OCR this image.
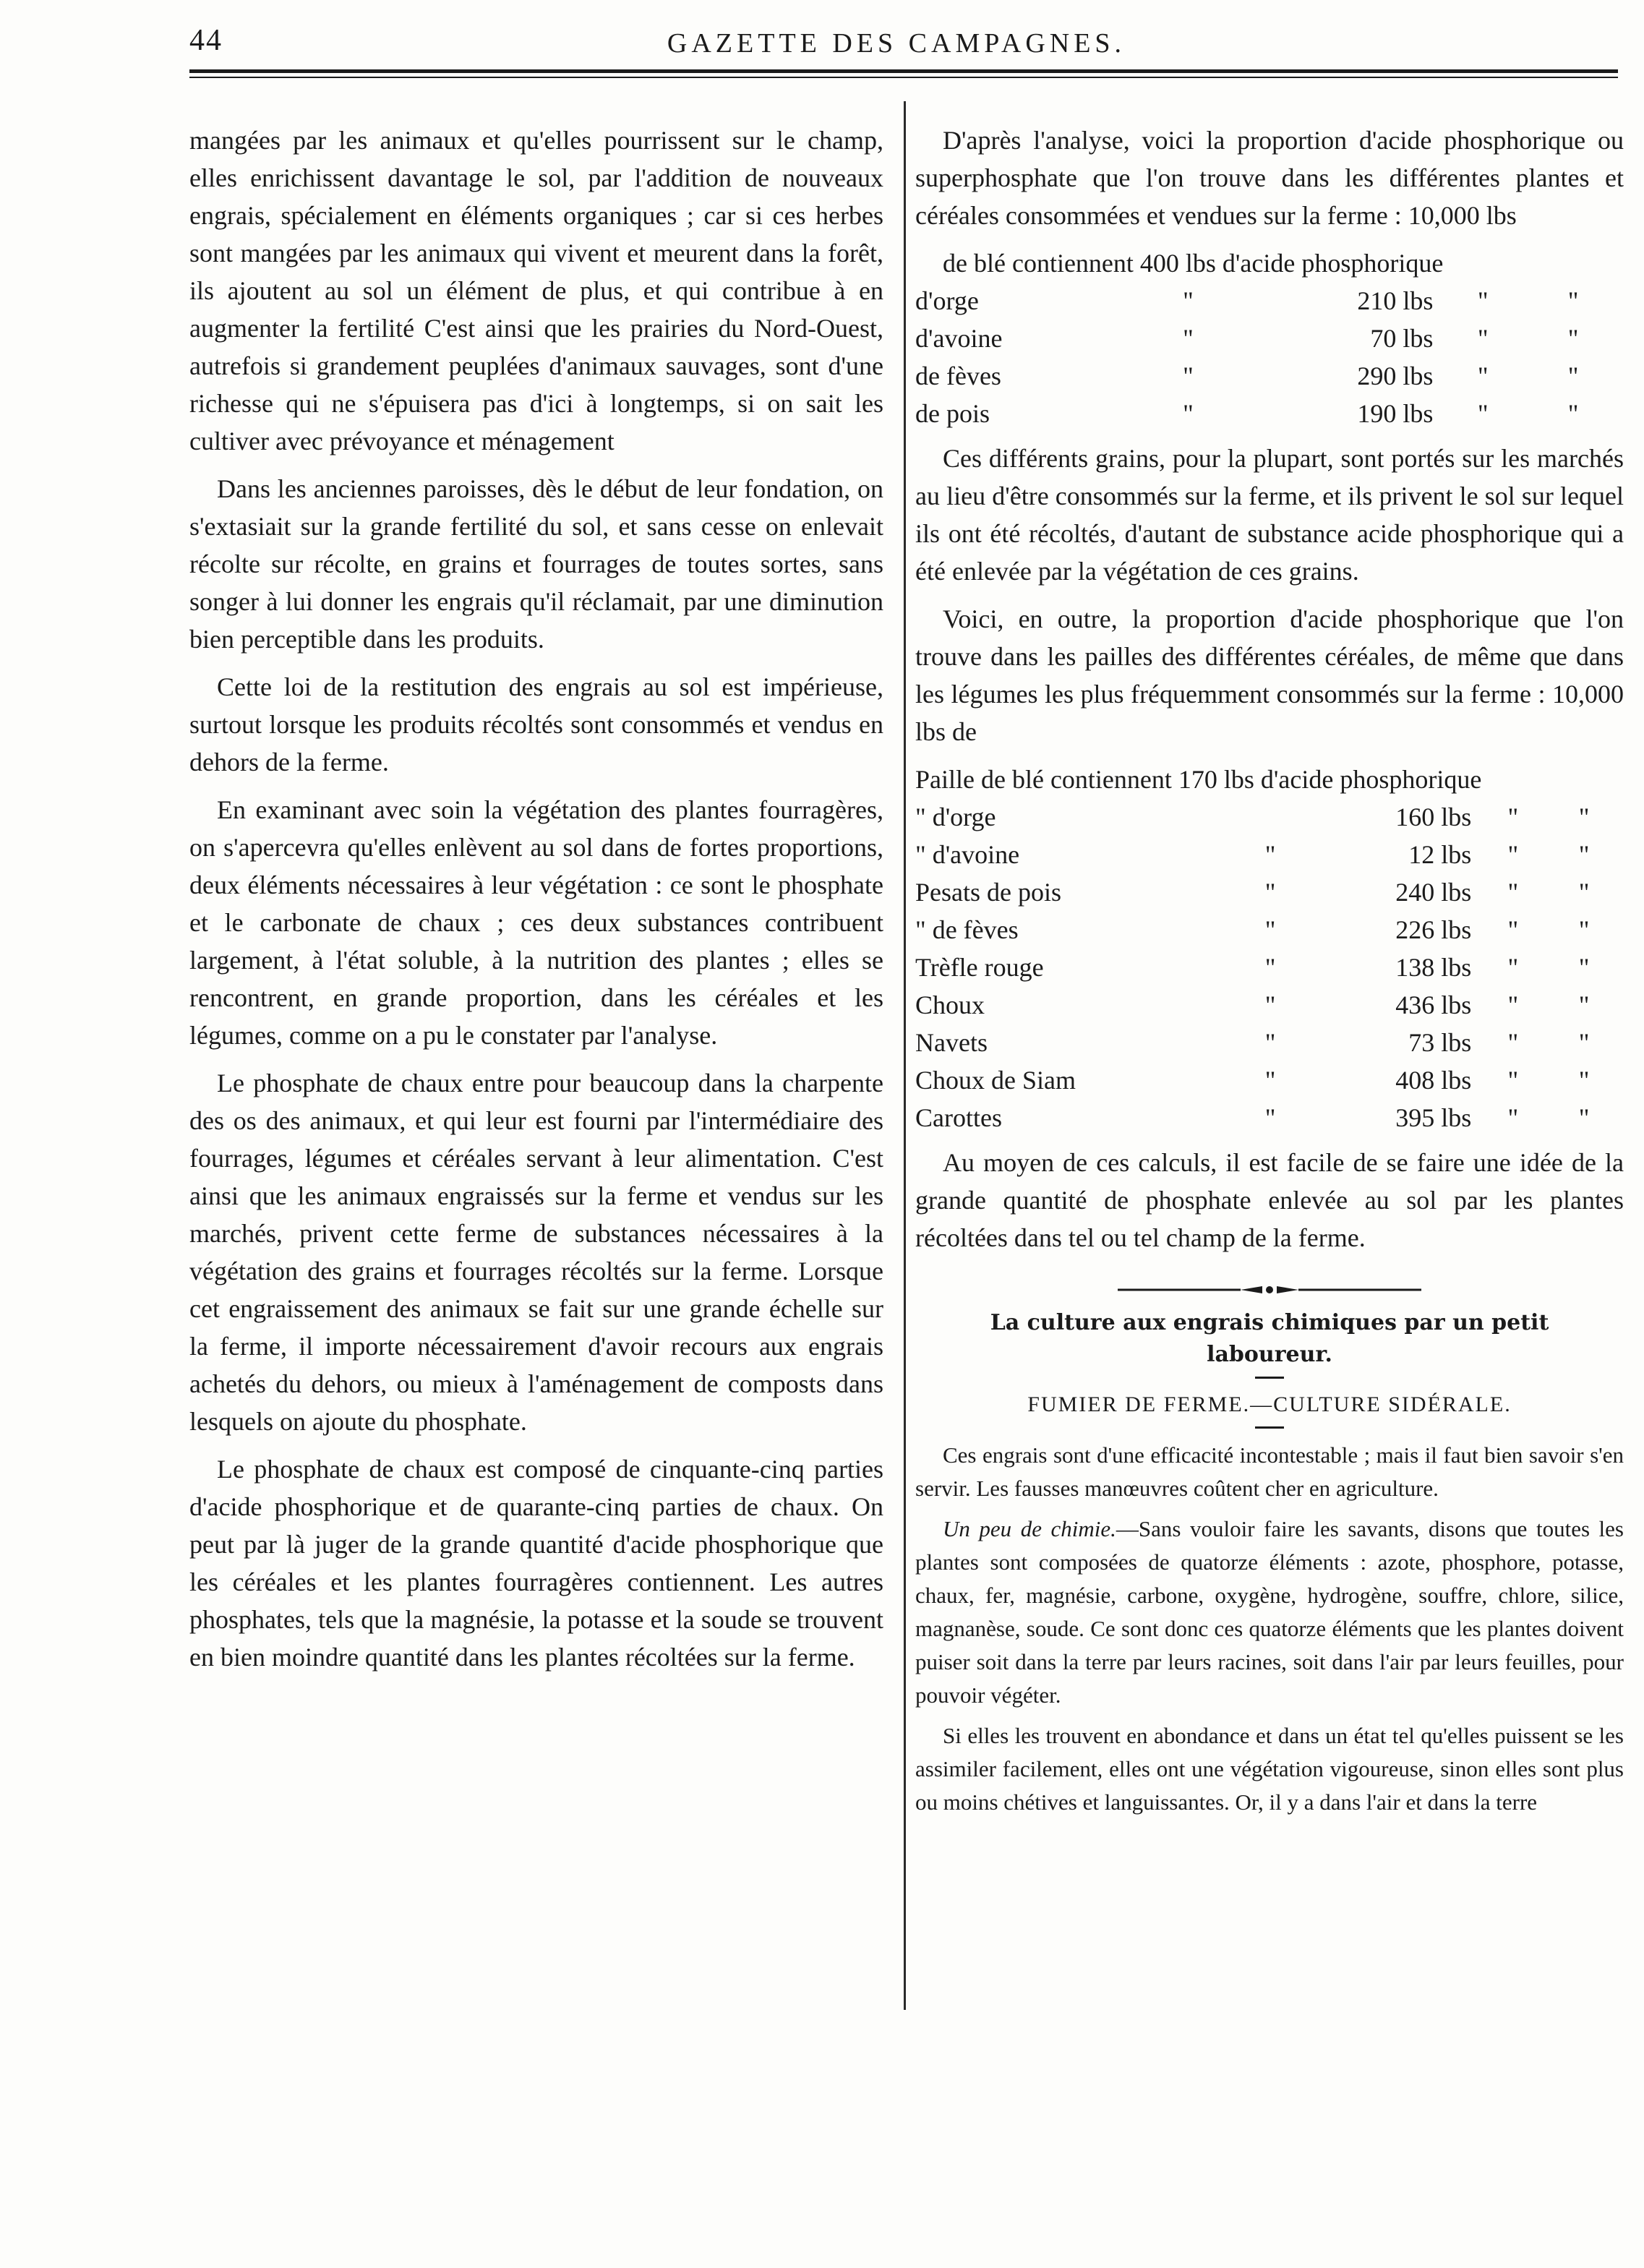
44	GAZETTE DES CAMPAGNES.

mangées par les animaux et qu'elles pourrissent sur le champ, elles enrichissent davantage le sol, par l'addition de nouveaux engrais, spécialement en éléments organiques ; car si ces herbes sont mangées par les animaux qui vivent et meurent dans la forêt, ils ajoutent au sol un élément de plus, et qui contribue à en augmenter la fertilité C'est ainsi que les prairies du Nord-Ouest, autrefois si grandement peuplées d'animaux sauvages, sont d'une richesse qui ne s'épuisera pas d'ici à longtemps, si on sait les cultiver avec prévoyance et ménagement

Dans les anciennes paroisses, dès le début de leur fondation, on s'extasiait sur la grande fertilité du sol, et sans cesse on enlevait récolte sur récolte, en grains et fourrages de toutes sortes, sans songer à lui donner les engrais qu'il réclamait, par une diminution bien perceptible dans les produits.

Cette loi de la restitution des engrais au sol est impérieuse, surtout lorsque les produits récoltés sont consommés et vendus en dehors de la ferme.

En examinant avec soin la végétation des plantes fourragères, on s'apercevra qu'elles enlèvent au sol dans de fortes proportions, deux éléments nécessaires à leur végétation : ce sont le phosphate et le carbonate de chaux ; ces deux substances contribuent largement, à l'état soluble, à la nutrition des plantes ; elles se rencontrent, en grande proportion, dans les céréales et les légumes, comme on a pu le constater par l'analyse.

Le phosphate de chaux entre pour beaucoup dans la charpente des os des animaux, et qui leur est fourni par l'intermédiaire des fourrages, légumes et céréales servant à leur alimentation. C'est ainsi que les animaux engraissés sur la ferme et vendus sur les marchés, privent cette ferme de substances nécessaires à la végétation des grains et fourrages récoltés sur la ferme. Lorsque cet engraissement des animaux se fait sur une grande échelle sur la ferme, il importe nécessairement d'avoir recours aux engrais achetés du dehors, ou mieux à l'aménagement de composts dans lesquels on ajoute du phosphate.

Le phosphate de chaux est composé de cinquante-cinq parties d'acide phosphorique et de quarante-cinq parties de chaux. On peut par là juger de la grande quantité d'acide phosphorique que les céréales et les plantes fourragères contiennent. Les autres phosphates, tels que la magnésie, la potasse et la soude se trouvent en bien moindre quantité dans les plantes récoltées sur la ferme.

D'après l'analyse, voici la proportion d'acide phosphorique ou superphosphate que l'on trouve dans les différentes plantes et céréales consommées et vendues sur la ferme : 10,000 lbs

de blé contiennent 400 lbs d'acide phosphorique				
d'orge	"	210 lbs	"	"
d'avoine	"	70 lbs	"	"
de fèves	"	290 lbs	"	"
de pois	"	190 lbs	"	"

Ces différents grains, pour la plupart, sont portés sur les marchés au lieu d'être consommés sur la ferme, et ils privent le sol sur lequel ils ont été récoltés, d'autant de substance acide phosphorique qui a été enlevée par la végétation de ces grains.

Voici, en outre, la proportion d'acide phosphorique que l'on trouve dans les pailles des différentes céréales, de même que dans les légumes les plus fréquemment consommés sur la ferme : 10,000 lbs de

Paille de blé contiennent 170 lbs d'acide phosphorique				
" d'orge		160 lbs	"	"
" d'avoine	"	12 lbs	"	"
Pesats de pois	"	240 lbs	"	"
" de fèves	"	226 lbs	"	"
Trèfle rouge	"	138 lbs	"	"
Choux	"	436 lbs	"	"
Navets	"	73 lbs	"	"
Choux de Siam	"	408 lbs	"	"
Carottes	"	395 lbs	"	"

Au moyen de ces calculs, il est facile de se faire une idée de la grande quantité de phosphate enlevée au sol par les plantes récoltées dans tel ou tel champ de la ferme.

La culture aux engrais chimiques par un petit laboureur.
FUMIER DE FERME.—CULTURE SIDÉRALE.

Ces engrais sont d'une efficacité incontestable ; mais il faut bien savoir s'en servir. Les fausses manœuvres coûtent cher en agriculture.

Un peu de chimie.—Sans vouloir faire les savants, disons que toutes les plantes sont composées de quatorze éléments : azote, phosphore, potasse, chaux, fer, magnésie, carbone, oxygène, hydrogène, souffre, chlore, silice, magnanèse, soude. Ce sont donc ces quatorze éléments que les plantes doivent puiser soit dans la terre par leurs racines, soit dans l'air par leurs feuilles, pour pouvoir végéter.

Si elles les trouvent en abondance et dans un état tel qu'elles puissent se les assimiler facilement, elles ont une végétation vigoureuse, sinon elles sont plus ou moins chétives et languissantes. Or, il y a dans l'air et dans la terre
